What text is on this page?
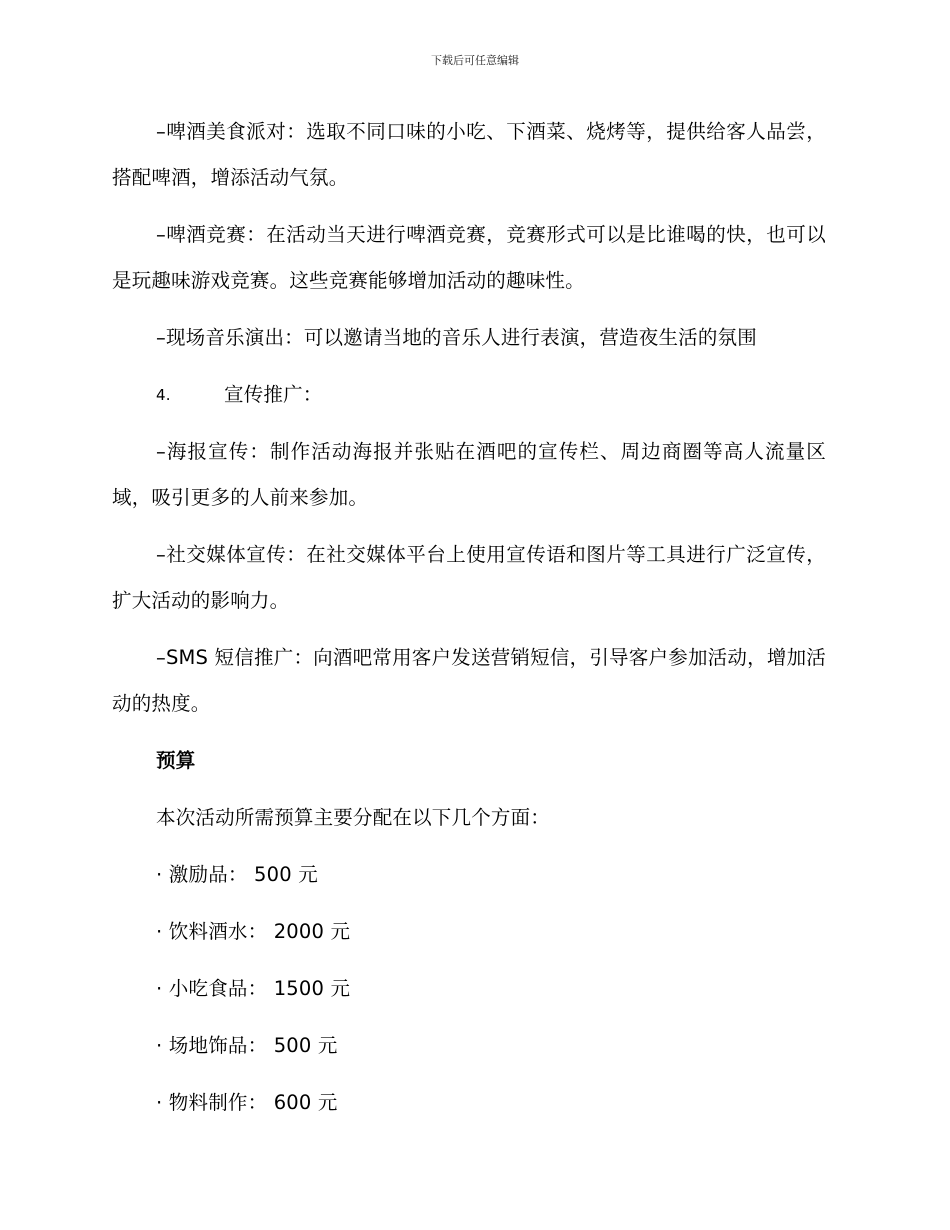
下载后可任意编辑

–啤酒美食派对：选取不同口味的小吃、下酒菜、烧烤等，提供给客人品尝，搭配啤酒，增添活动气氛。

–啤酒竞赛：在活动当天进行啤酒竞赛，竞赛形式可以是比谁喝的快，也可以是玩趣味游戏竞赛。这些竞赛能够增加活动的趣味性。

–现场音乐演出：可以邀请当地的音乐人进行表演，营造夜生活的氛围

4.	宣传推广：

–海报宣传：制作活动海报并张贴在酒吧的宣传栏、周边商圈等高人流量区域，吸引更多的人前来参加。

–社交媒体宣传：在社交媒体平台上使用宣传语和图片等工具进行广泛宣传，扩大活动的影响力。

–SMS 短信推广：向酒吧常用客户发送营销短信，引导客户参加活动，增加活动的热度。

预算
本次活动所需预算主要分配在以下几个方面：
· 激励品： 500 元
· 饮料酒水： 2000 元
· 小吃食品： 1500 元
· 场地饰品： 500 元
· 物料制作： 600 元
